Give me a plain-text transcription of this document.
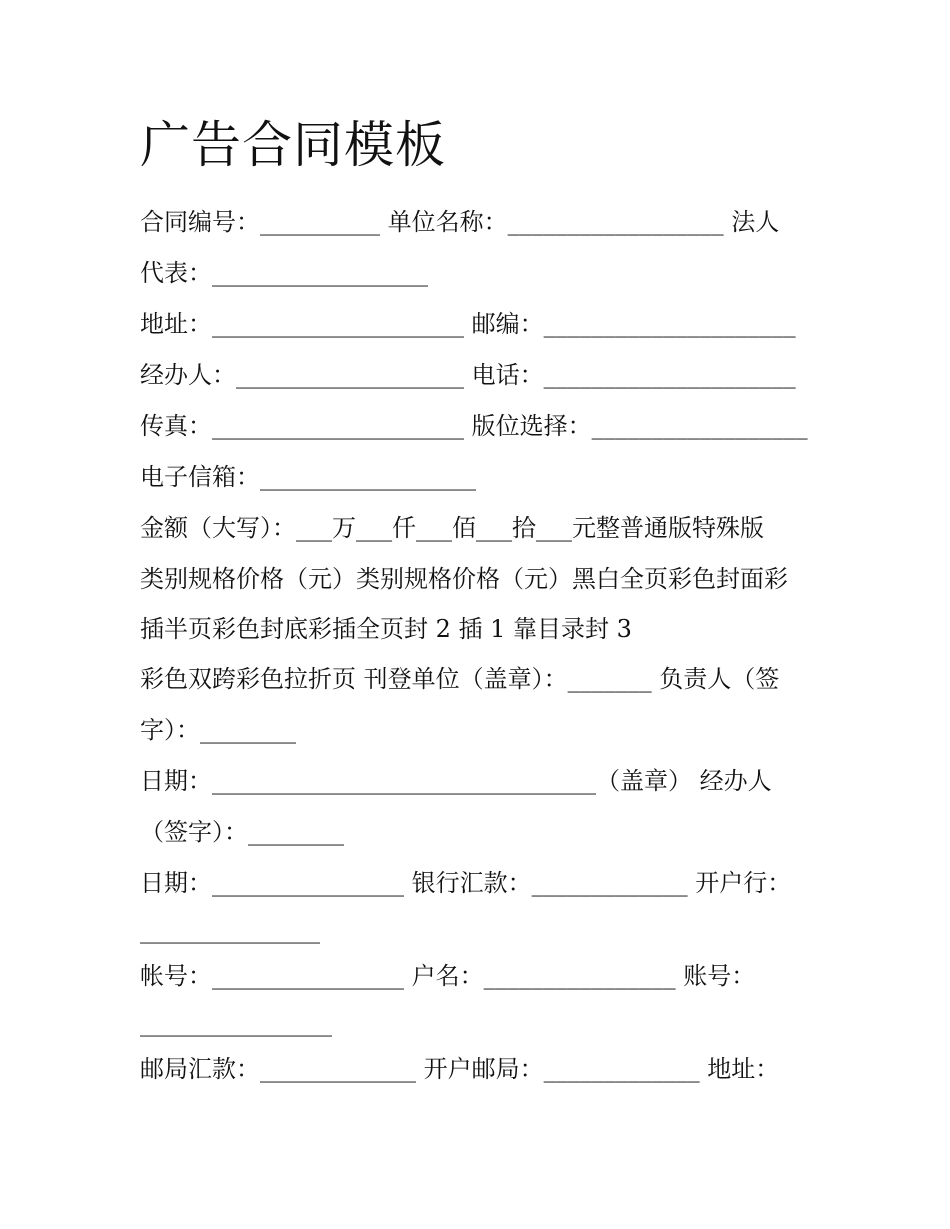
广告合同模板
合同编号：__________ 单位名称：__________________ 法人
代表：__________________
地址：_____________________ 邮编：_____________________
经办人：___________________ 电话：_____________________
传真：_____________________ 版位选择：__________________
电子信箱：__________________
金额（大写）：___万___仟___佰___拾___元整普通版特殊版
类别规格价格（元）类别规格价格（元）黑白全页彩色封面彩
插半页彩色封底彩插全页封 2 插 1 靠目录封 3
彩色双跨彩色拉折页 刊登单位（盖章）：_______ 负责人（签
字）：________
日期：________________________________（盖章） 经办人
（签字）：________
日期：________________ 银行汇款：_____________ 开户行：
_______________
帐号：________________ 户名：________________ 账号：
________________
邮局汇款：_____________ 开户邮局：_____________ 地址：
